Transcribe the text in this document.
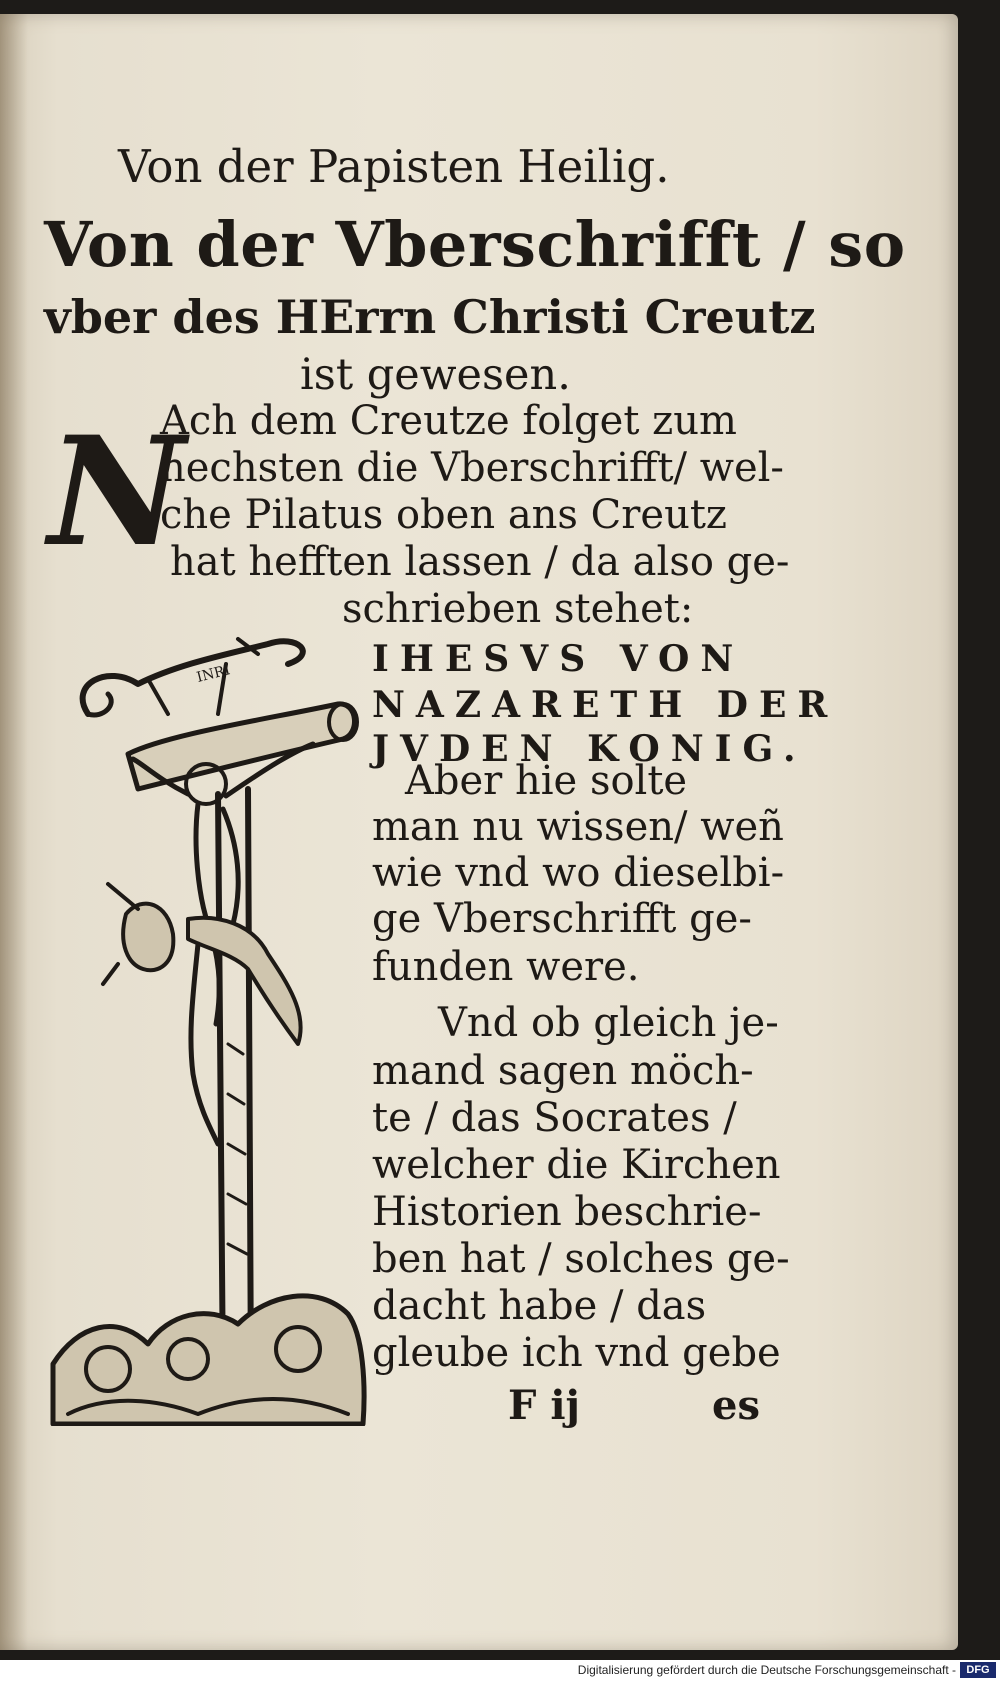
Von der Papisten Heilig.
Von der Vberschrifft / so
vber des HErrn Christi Creutz
ist gewesen.
N
Ach dem Creutze folget zum
nechsten die Vberschrifft/ wel-
che Pilatus oben ans Creutz
hat hefften lassen / da also ge-
schrieben stehet:
IHESVS VON
NAZARETH DER
JVDEN KONIG.
Aber hie solte
man nu wissen/ weñ
wie vnd wo dieselbi-
ge Vberschrifft ge-
funden were.
Vnd ob gleich je-
mand sagen möch-
te / das Socrates /
welcher die Kirchen
Historien beschrie-
ben hat / solches ge-
dacht habe / das
gleube ich vnd gebe
F ij	es
INRI
Digitalisierung gefördert durch die Deutsche Forschungsgemeinschaft - DFG
